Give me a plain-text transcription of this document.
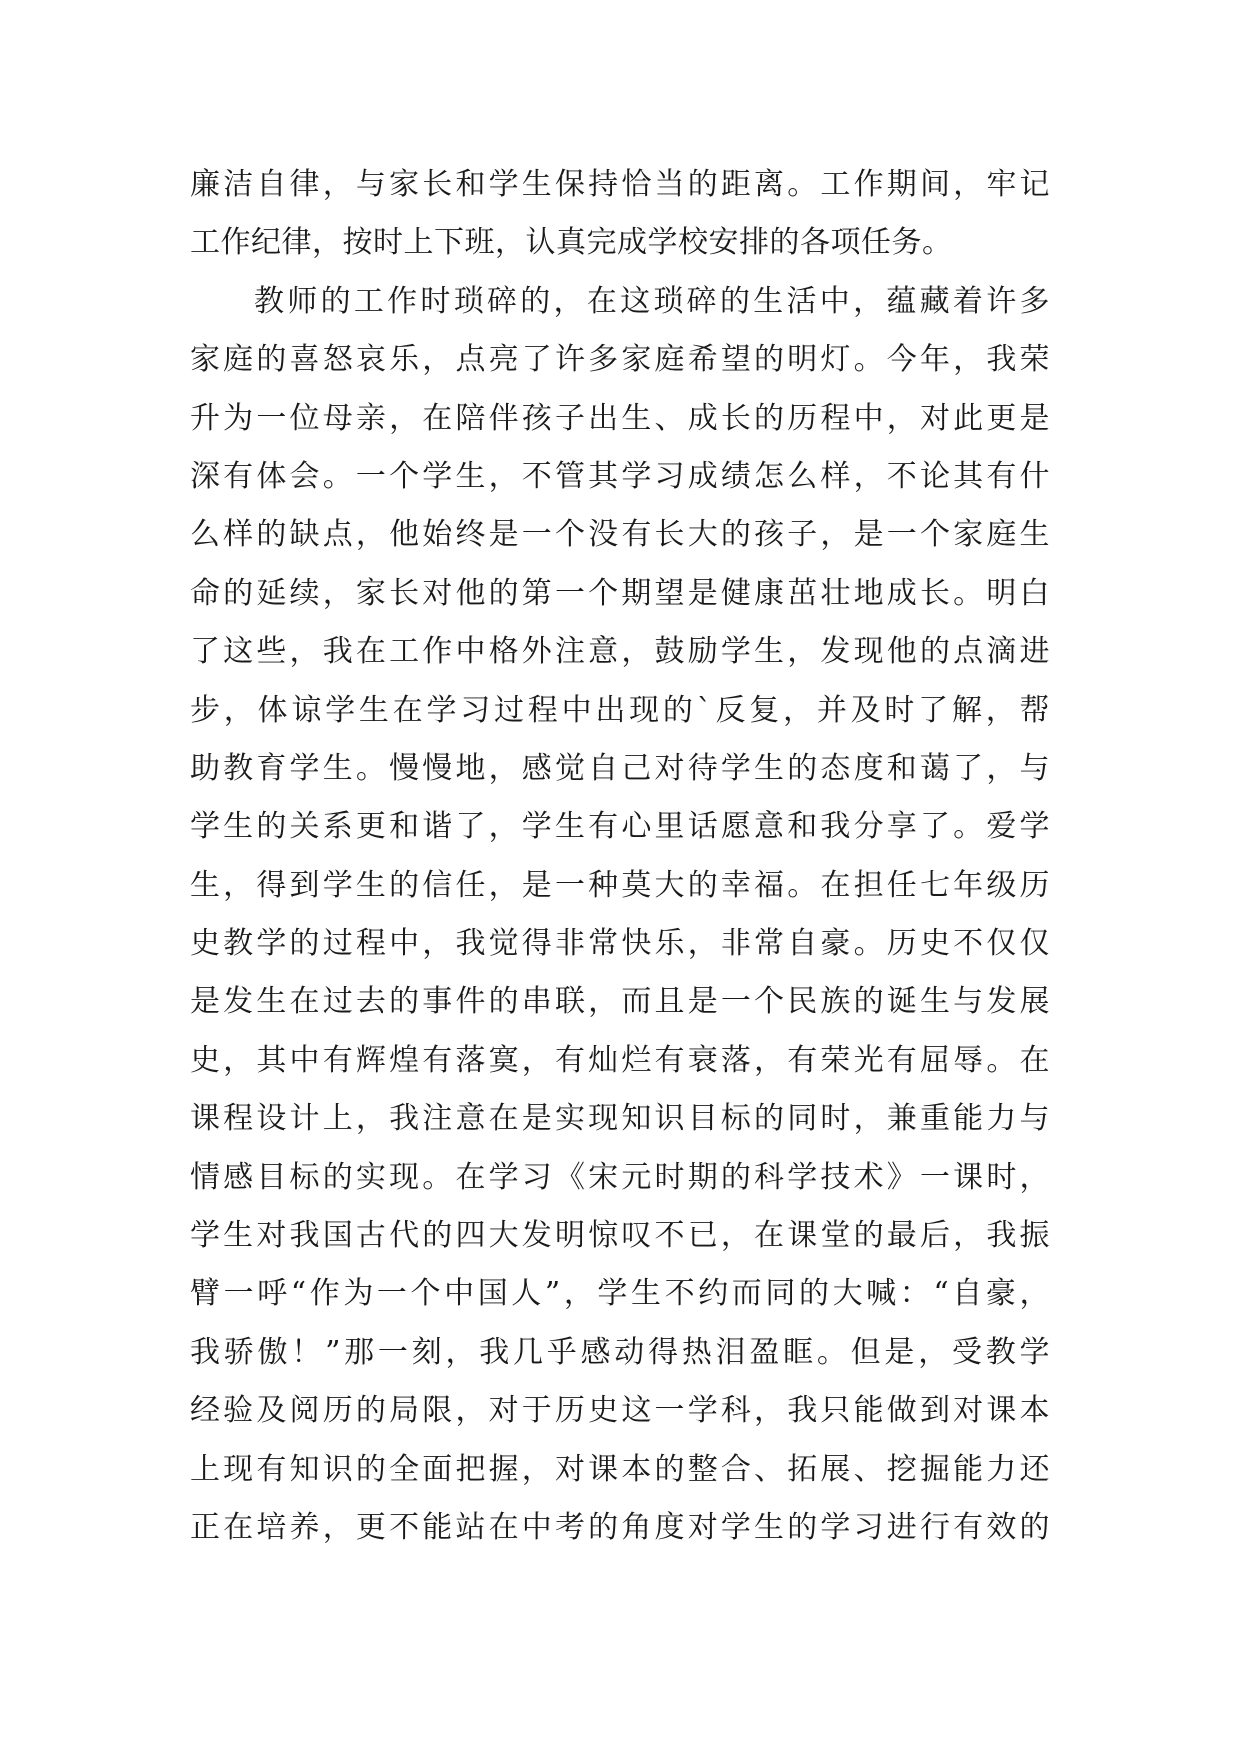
廉洁自律，与家长和学生保持恰当的距离。工作期间，牢记
工作纪律，按时上下班，认真完成学校安排的各项任务。
教师的工作时琐碎的，在这琐碎的生活中，蕴藏着许多
家庭的喜怒哀乐，点亮了许多家庭希望的明灯。今年，我荣
升为一位母亲，在陪伴孩子出生、成长的历程中，对此更是
深有体会。一个学生，不管其学习成绩怎么样，不论其有什
么样的缺点，他始终是一个没有长大的孩子，是一个家庭生
命的延续，家长对他的第一个期望是健康茁壮地成长。明白
了这些，我在工作中格外注意，鼓励学生，发现他的点滴进
步，体谅学生在学习过程中出现的`反复，并及时了解，帮
助教育学生。慢慢地，感觉自己对待学生的态度和蔼了，与
学生的关系更和谐了，学生有心里话愿意和我分享了。爱学
生，得到学生的信任，是一种莫大的幸福。在担任七年级历
史教学的过程中，我觉得非常快乐，非常自豪。历史不仅仅
是发生在过去的事件的串联，而且是一个民族的诞生与发展
史，其中有辉煌有落寞，有灿烂有衰落，有荣光有屈辱。在
课程设计上，我注意在是实现知识目标的同时，兼重能力与
情感目标的实现。在学习《宋元时期的科学技术》一课时，
学生对我国古代的四大发明惊叹不已，在课堂的最后，我振
臂一呼“作为一个中国人”，学生不约而同的大喊：“自豪，
我骄傲！”那一刻，我几乎感动得热泪盈眶。但是，受教学
经验及阅历的局限，对于历史这一学科，我只能做到对课本
上现有知识的全面把握，对课本的整合、拓展、挖掘能力还
正在培养，更不能站在中考的角度对学生的学习进行有效的
